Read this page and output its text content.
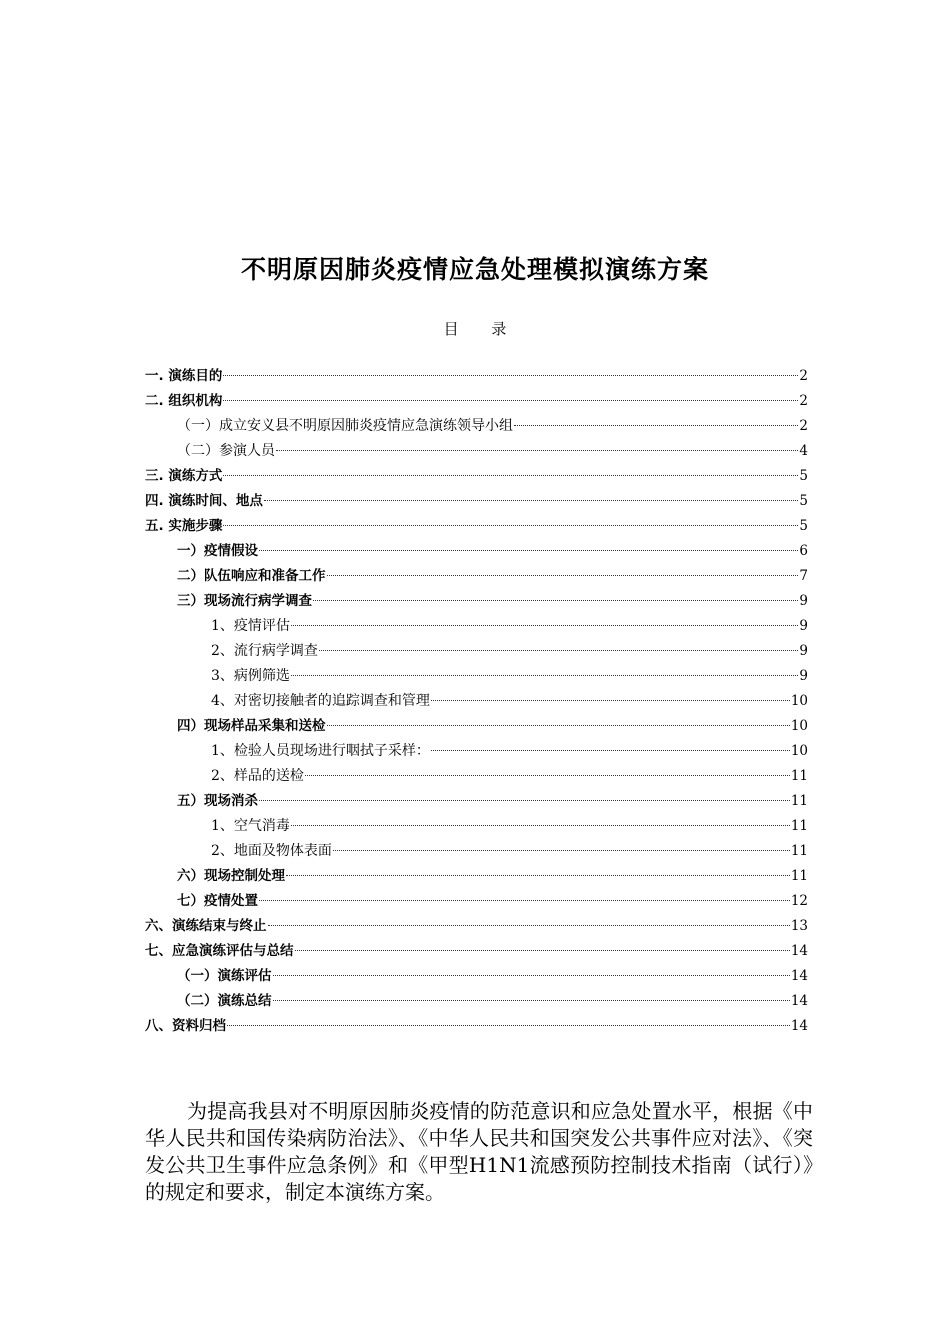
不明原因肺炎疫情应急处理模拟演练方案
目 录
一. 演练目的	2
二. 组织机构	2
（一）成立安义县不明原因肺炎疫情应急演练领导小组	2
（二）参演人员	4
三. 演练方式	5
四. 演练时间、地点	5
五. 实施步骤	5
一）疫情假设	6
二）队伍响应和准备工作	7
三）现场流行病学调查	9
1、疫情评估	9
2、流行病学调查	9
3、病例筛选	9
4、对密切接触者的追踪调查和管理	10
四）现场样品采集和送检	10
1、检验人员现场进行咽拭子采样：	10
2、样品的送检	11
五）现场消杀	11
1、空气消毒	11
2、地面及物体表面	11
六）现场控制处理	11
七）疫情处置	12
六、演练结束与终止	13
七、应急演练评估与总结	14
（一）演练评估	14
（二）演练总结	14
八、资料归档	14

为提高我县对不明原因肺炎疫情的防范意识和应急处置水平，根据《中华人民共和国传染病防治法》、《中华人民共和国突发公共事件应对法》、《突发公共卫生事件应急条例》和《甲型H1N1流感预防控制技术指南（试行）》的规定和要求，制定本演练方案。
